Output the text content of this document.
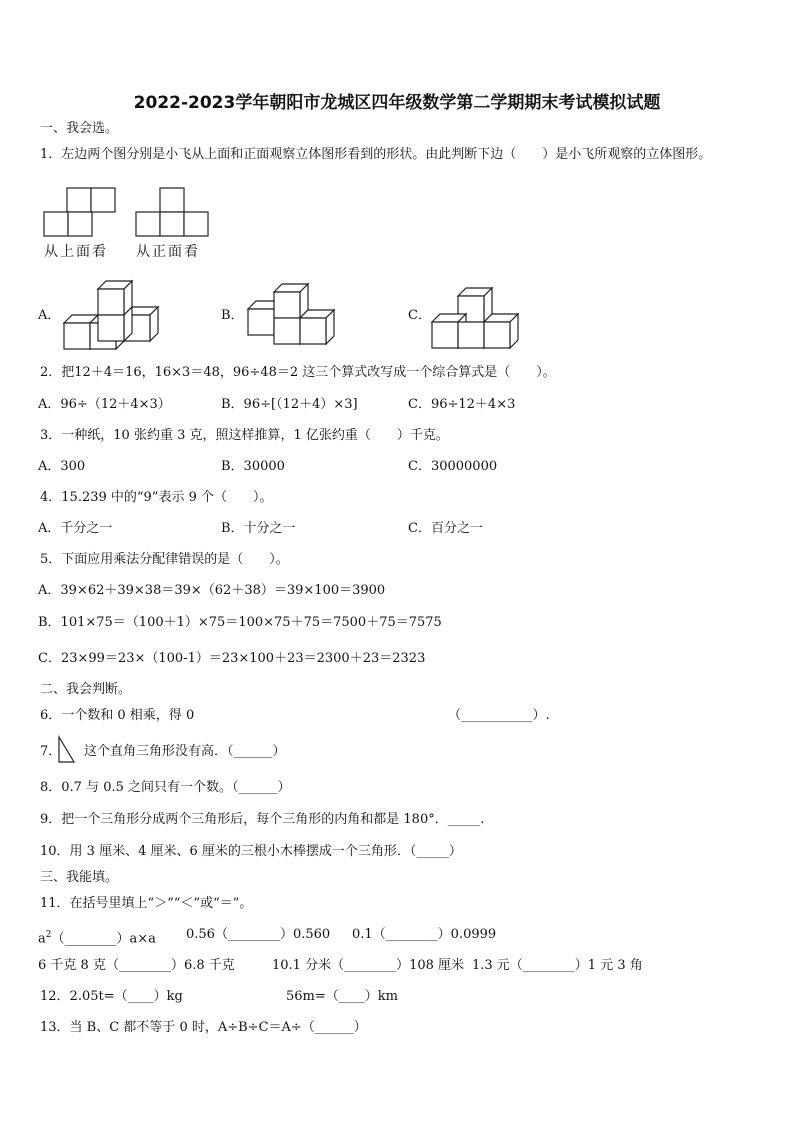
2022-2023学年朝阳市龙城区四年级数学第二学期期末考试模拟试题
一、我会选。
1．左边两个图分别是小飞从上面和正面观察立体图形看到的形状。由此判断下边（　　）是小飞所观察的立体图形。
从上面看 从正面看
A．	B．	C．
2．把12＋4＝16，16×3＝48，96÷48＝2 这三个算式改写成一个综合算式是（　　）。
A．96÷（12＋4×3）	B．96÷[（12＋4）×3]	C．96÷12＋4×3
3．一种纸，10 张约重 3 克，照这样推算，1 亿张约重（　　）千克。
A．300	B．30000	C．30000000
4．15.239 中的“9”表示 9 个（　　）。
A．千分之一	B．十分之一	C．百分之一
5．下面应用乘法分配律错误的是（　　）。
A．39×62＋39×38＝39×（62＋38）＝39×100＝3900
B．101×75＝（100＋1）×75＝100×75＋75＝7500＋75＝7575
C．23×99＝23×（100-1）＝23×100＋23＝2300＋23＝2323
二、我会判断。
6．一个数和 0 相乘，得 0	（___________）.
7． 这个直角三角形没有高．（______）
8．0.7 与 0.5 之间只有一个数。（______）
9．把一个三角形分成两个三角形后，每个三角形的内角和都是 180°．_____.
10．用 3 厘米、4 厘米、6 厘米的三根小木棒摆成一个三角形．（_____）
三、我能填。
11．在括号里填上“＞”“＜”或“＝”。
$a^2(\_\_\_\_\_\_\_\_)a\times a$ 0.56（________）0.560 0.1（________）0.0999
6 千克 8 克（________）6.8 千克	10.1 分米（________）108 厘米 1.3 元（________）1 元 3 角
12．2.05t=（____）kg	56m=（____）km
13．当 B、C 都不等于 0 时，A÷B÷C＝A÷（______）
